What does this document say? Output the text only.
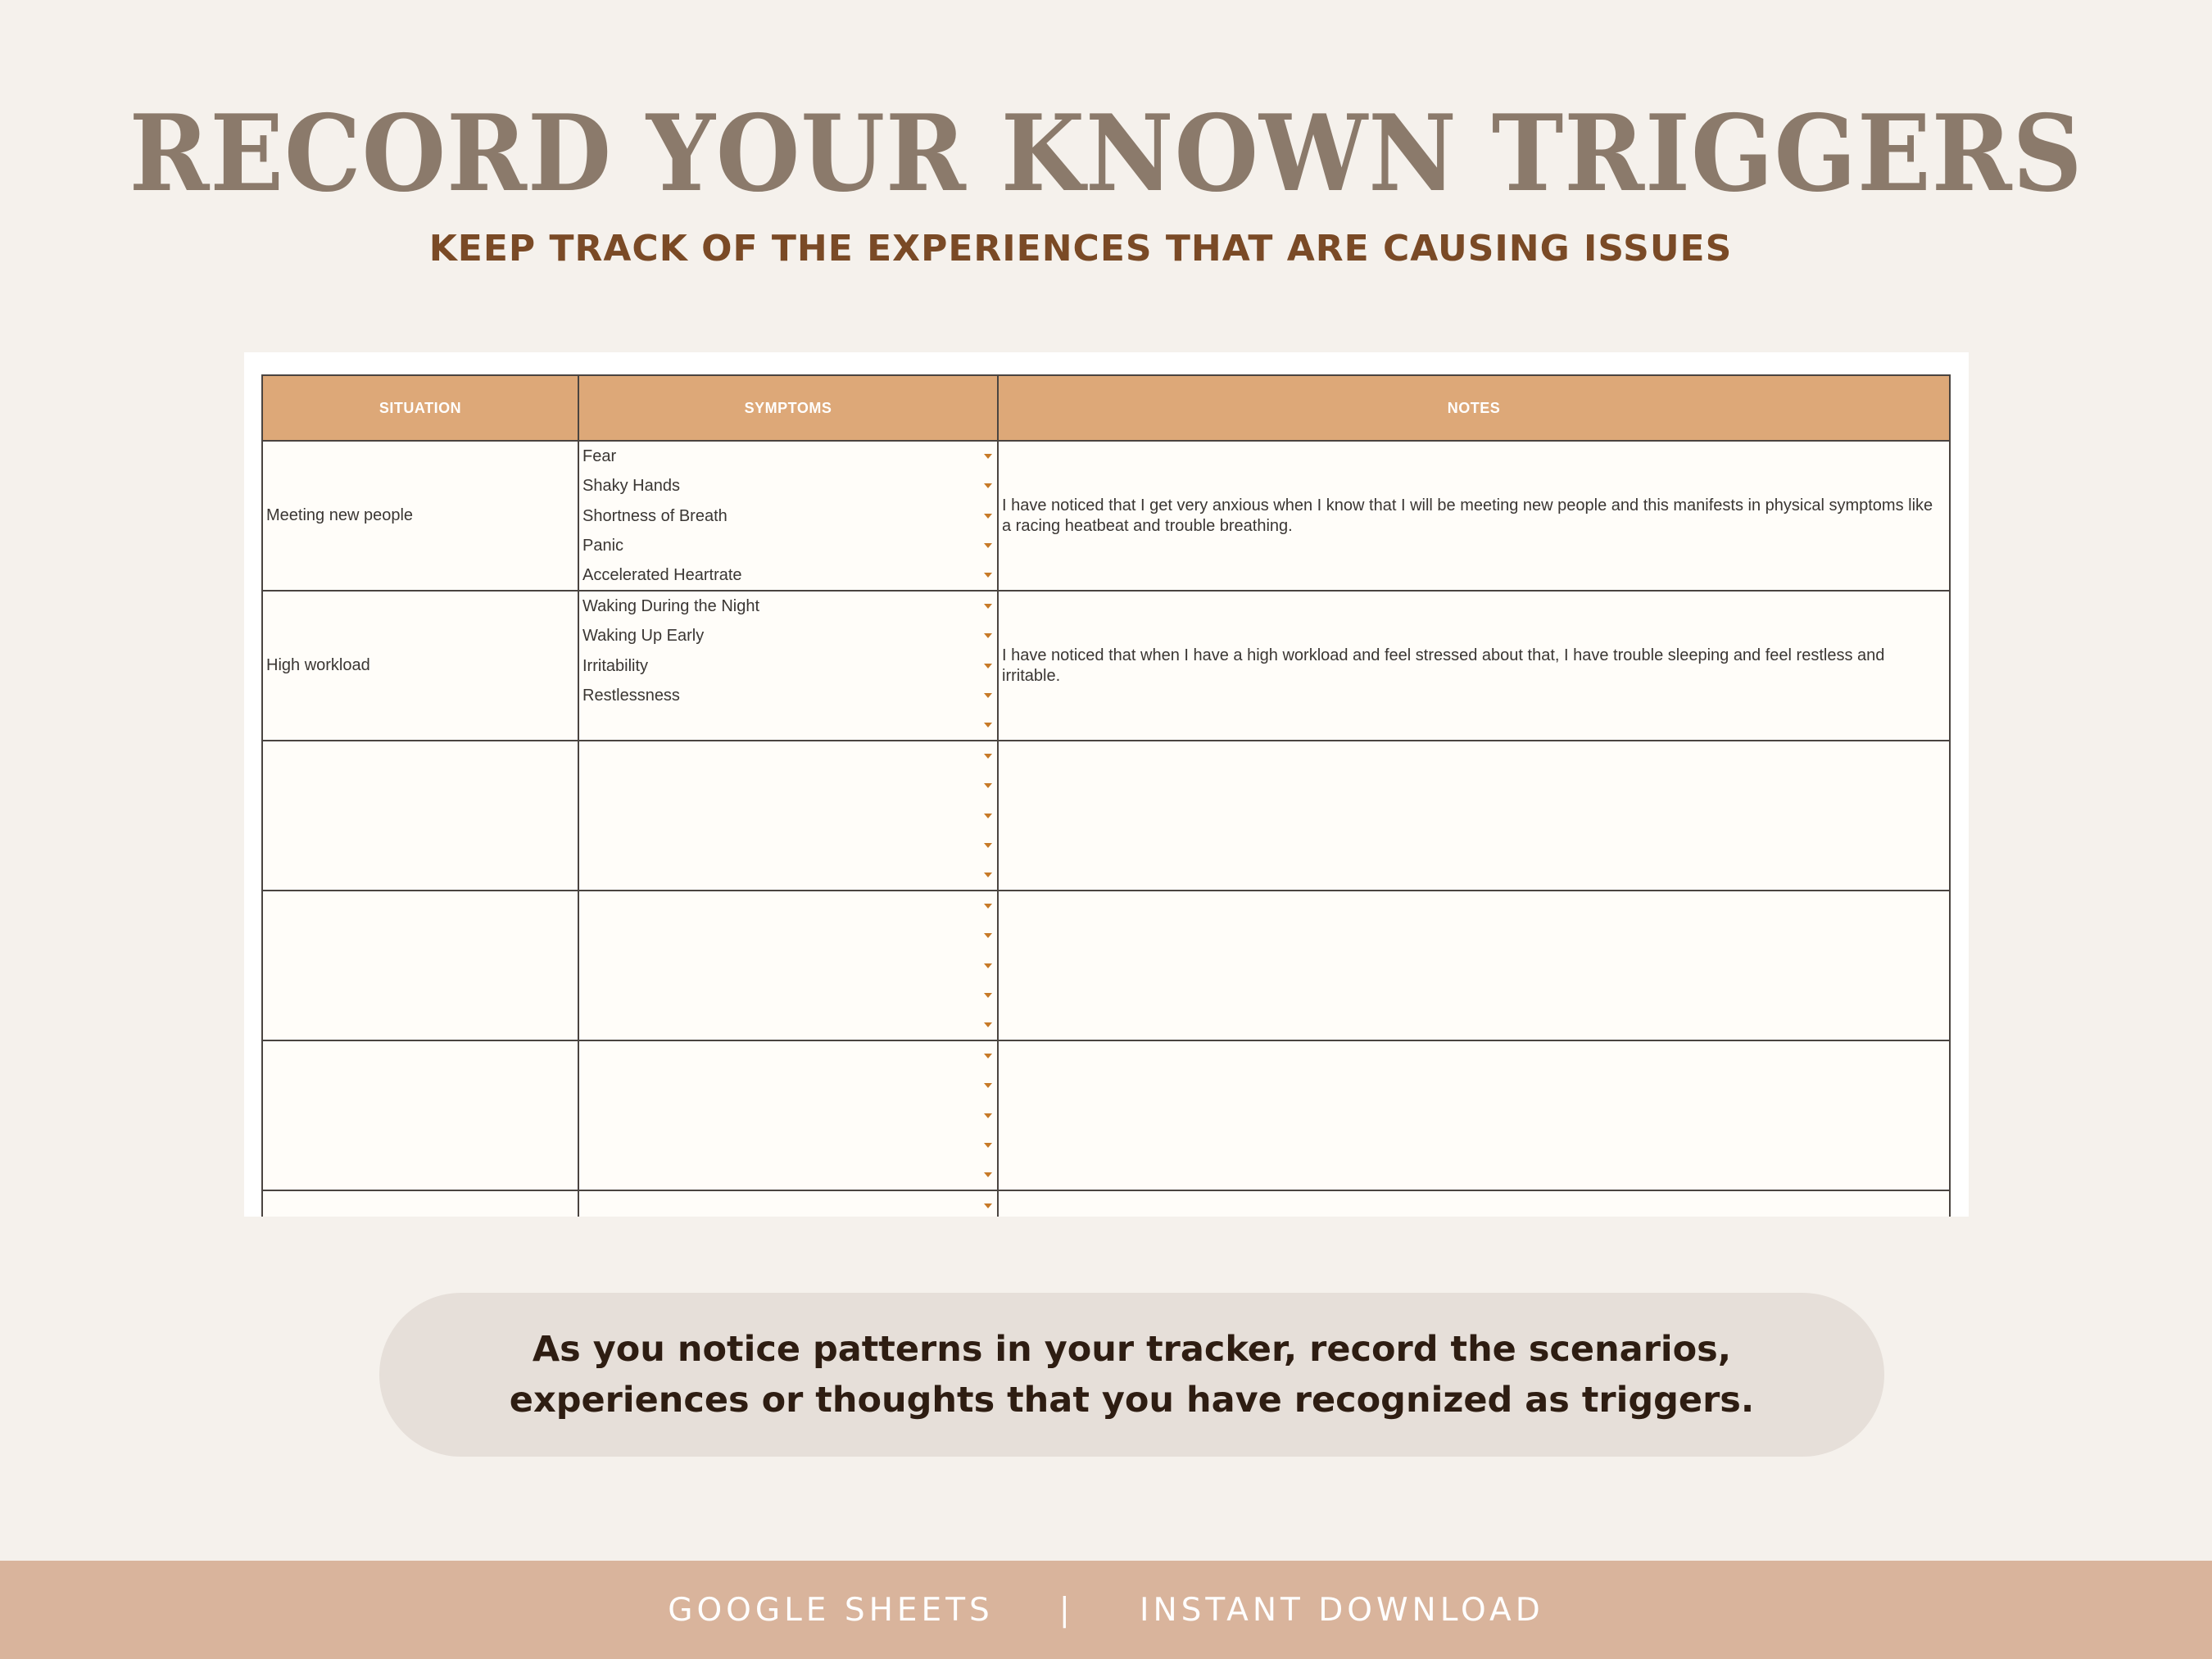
RECORD YOUR KNOWN TRIGGERS
KEEP TRACK OF THE EXPERIENCES THAT ARE CAUSING ISSUES
SITUATION	SYMPTOMS	NOTES
Meeting new people	Fear
Shaky Hands
Shortness of Breath
Panic
Accelerated Heartrate	I have noticed that I get very anxious when I know that I will be meeting new people and this manifests in physical symptoms like a racing heatbeat and trouble breathing.
High workload	Waking During the Night
Waking Up Early
Irritability
Restlessness	I have noticed that when I have a high workload and feel stressed about that, I have trouble sleeping and feel restless and irritable.

As you notice patterns in your tracker, record the scenarios,
experiences or thoughts that you have recognized as triggers.
GOOGLE SHEETS | INSTANT DOWNLOAD
